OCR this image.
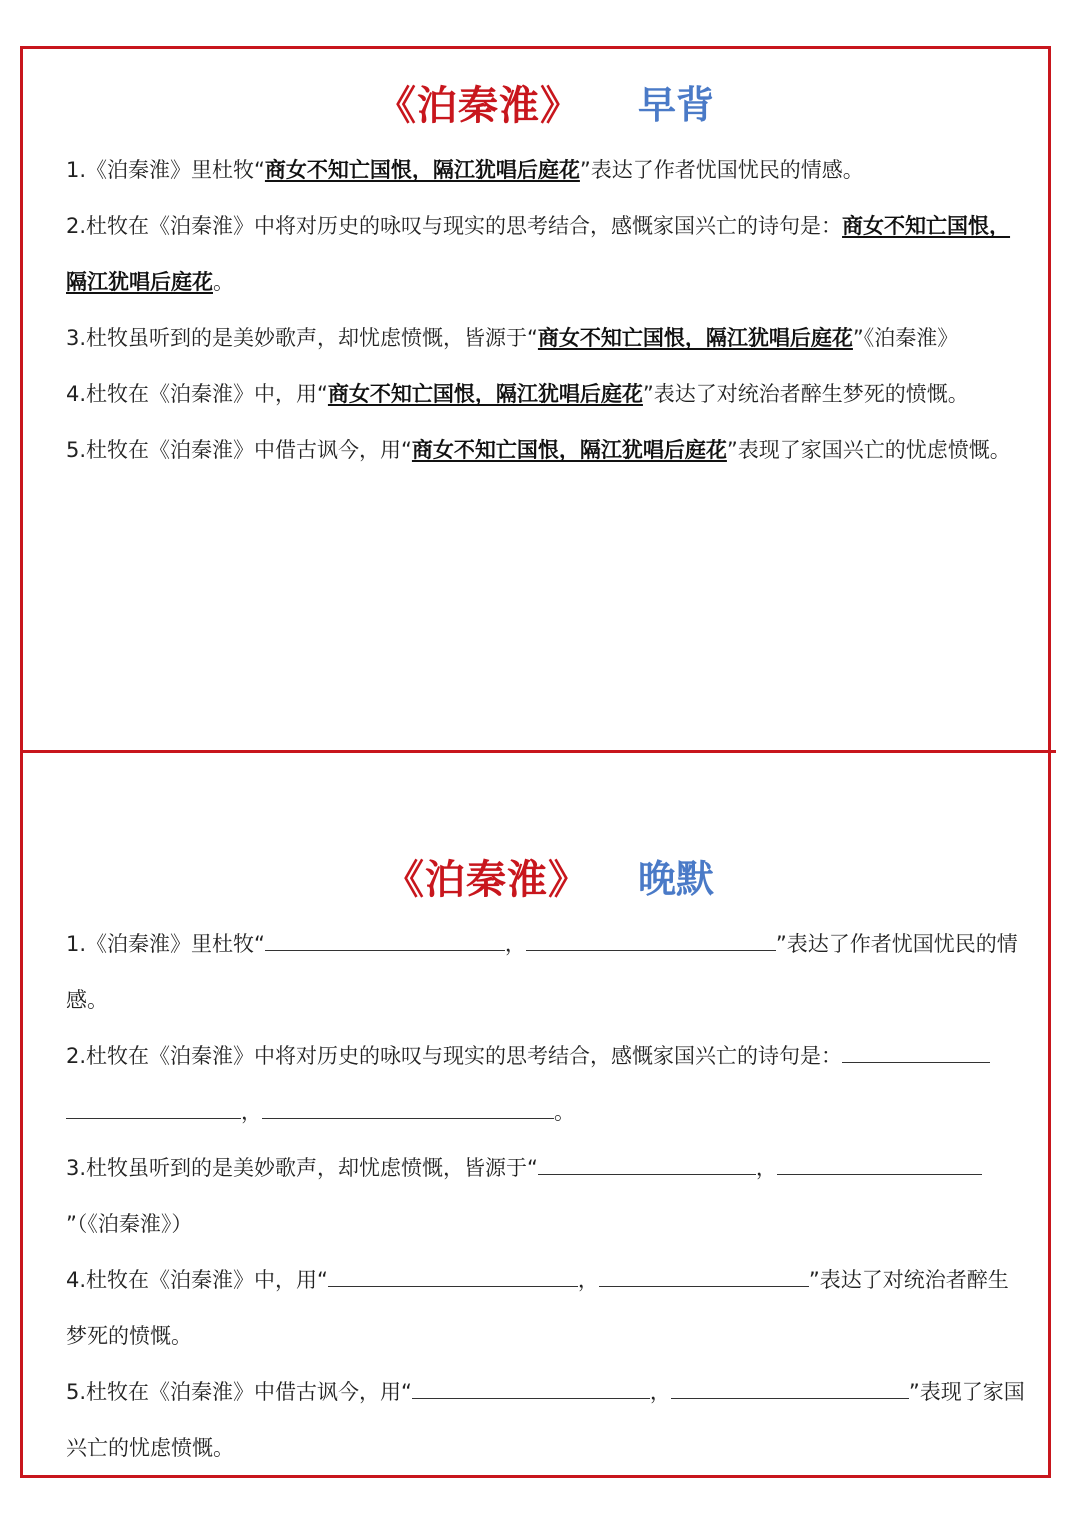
《泊秦淮》 早背

1.《泊秦淮》里杜牧“商女不知亡国恨，隔江犹唱后庭花”表达了作者忧国忧民的情感。

2.杜牧在《泊秦淮》中将对历史的咏叹与现实的思考结合，感慨家国兴亡的诗句是：商女不知亡国恨，
隔江犹唱后庭花。

3.杜牧虽听到的是美妙歌声，却忧虑愤慨，皆源于“商女不知亡国恨，隔江犹唱后庭花”《泊秦淮》

4.杜牧在《泊秦淮》中，用“商女不知亡国恨，隔江犹唱后庭花”表达了对统治者醉生梦死的愤慨。

5.杜牧在《泊秦淮》中借古讽今，用“商女不知亡国恨，隔江犹唱后庭花”表现了家国兴亡的忧虑愤慨。

《泊秦淮》 晚默

1.《泊秦淮》里杜牧“	，	”表达了作者忧国忧民的情感。

2.杜牧在《泊秦淮》中将对历史的咏叹与现实的思考结合，感慨家国兴亡的诗句是：
，	。

3.杜牧虽听到的是美妙歌声，却忧虑愤慨，皆源于“	，”（《泊秦淮》）

4.杜牧在《泊秦淮》中，用“	，	”表达了对统治者醉生梦死的愤慨。

5.杜牧在《泊秦淮》中借古讽今，用“	，	”表现了家国兴亡的忧虑愤慨。
